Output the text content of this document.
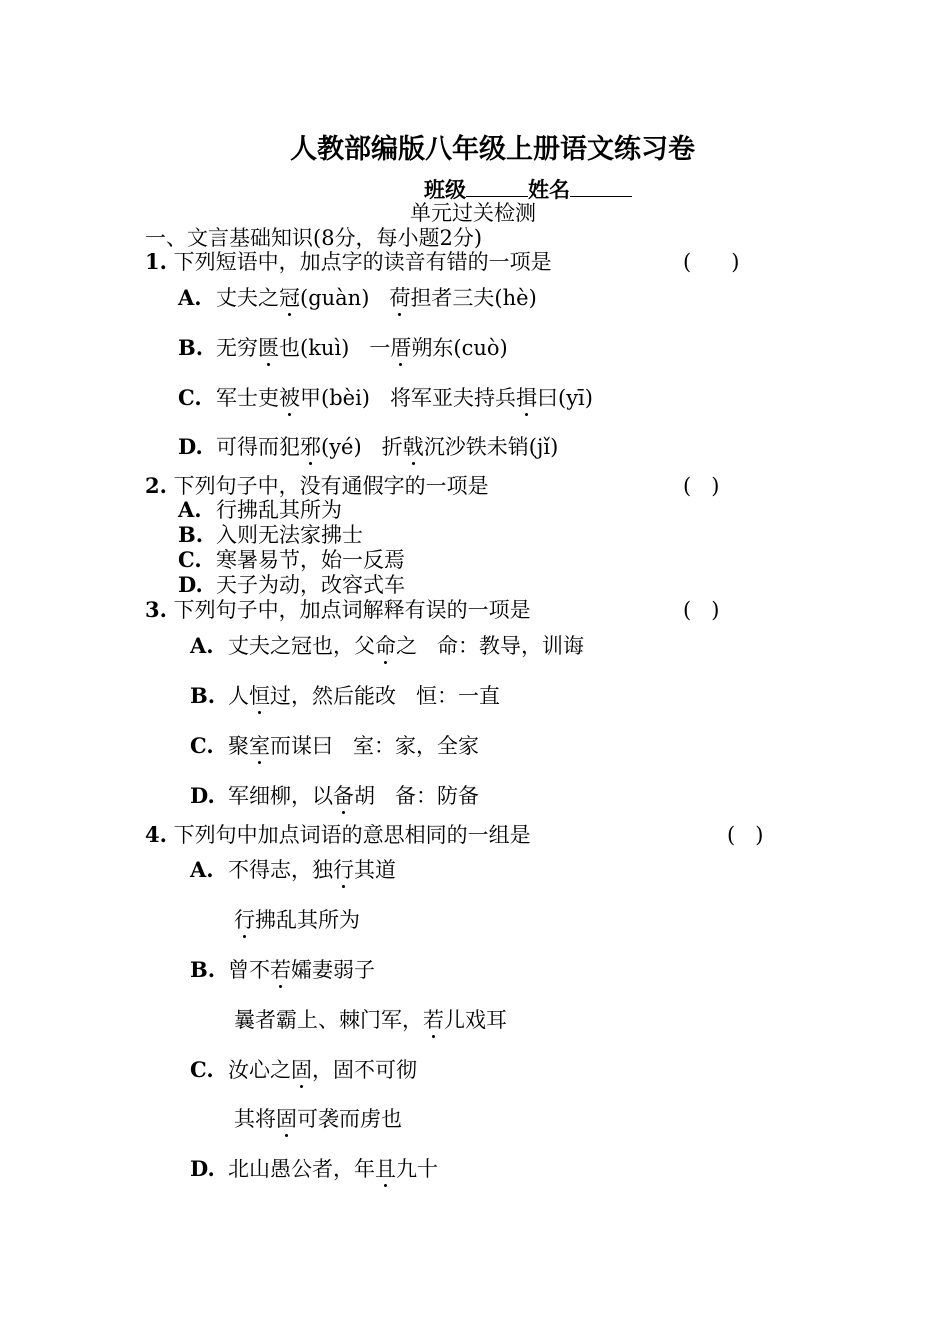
人教部编版八年级上册语文练习卷
班级	姓名
单元过关检测
一、文言基础知识(8分，每小题2分)
1. 下列短语中，加点字的读音有错的一项是	(      )
A. 丈夫之冠(guàn)   荷担者三夫(hè)
B. 无穷匮也(kuì)   一厝朔东(cuò)
C. 军士吏被甲(bèi)   将军亚夫持兵揖曰(yī)
D. 可得而犯邪(yé)   折戟沉沙铁未销(jǐ)
2. 下列句子中，没有通假字的一项是	(   )
A. 行拂乱其所为
B. 入则无法家拂士
C. 寒暑易节，始一反焉
D. 天子为动，改容式车
3. 下列句子中，加点词解释有误的一项是	(   )
A. 丈夫之冠也，父命之   命：教导，训诲
B. 人恒过，然后能改   恒：一直
C. 聚室而谋曰   室：家，全家
D. 军细柳，以备胡   备：防备
4. 下列句中加点词语的意思相同的一组是	(   )
A. 不得志，独行其道
行拂乱其所为
B. 曾不若孀妻弱子
曩者霸上、棘门军，若儿戏耳
C. 汝心之固，固不可彻
其将固可袭而虏也
D. 北山愚公者，年且九十
